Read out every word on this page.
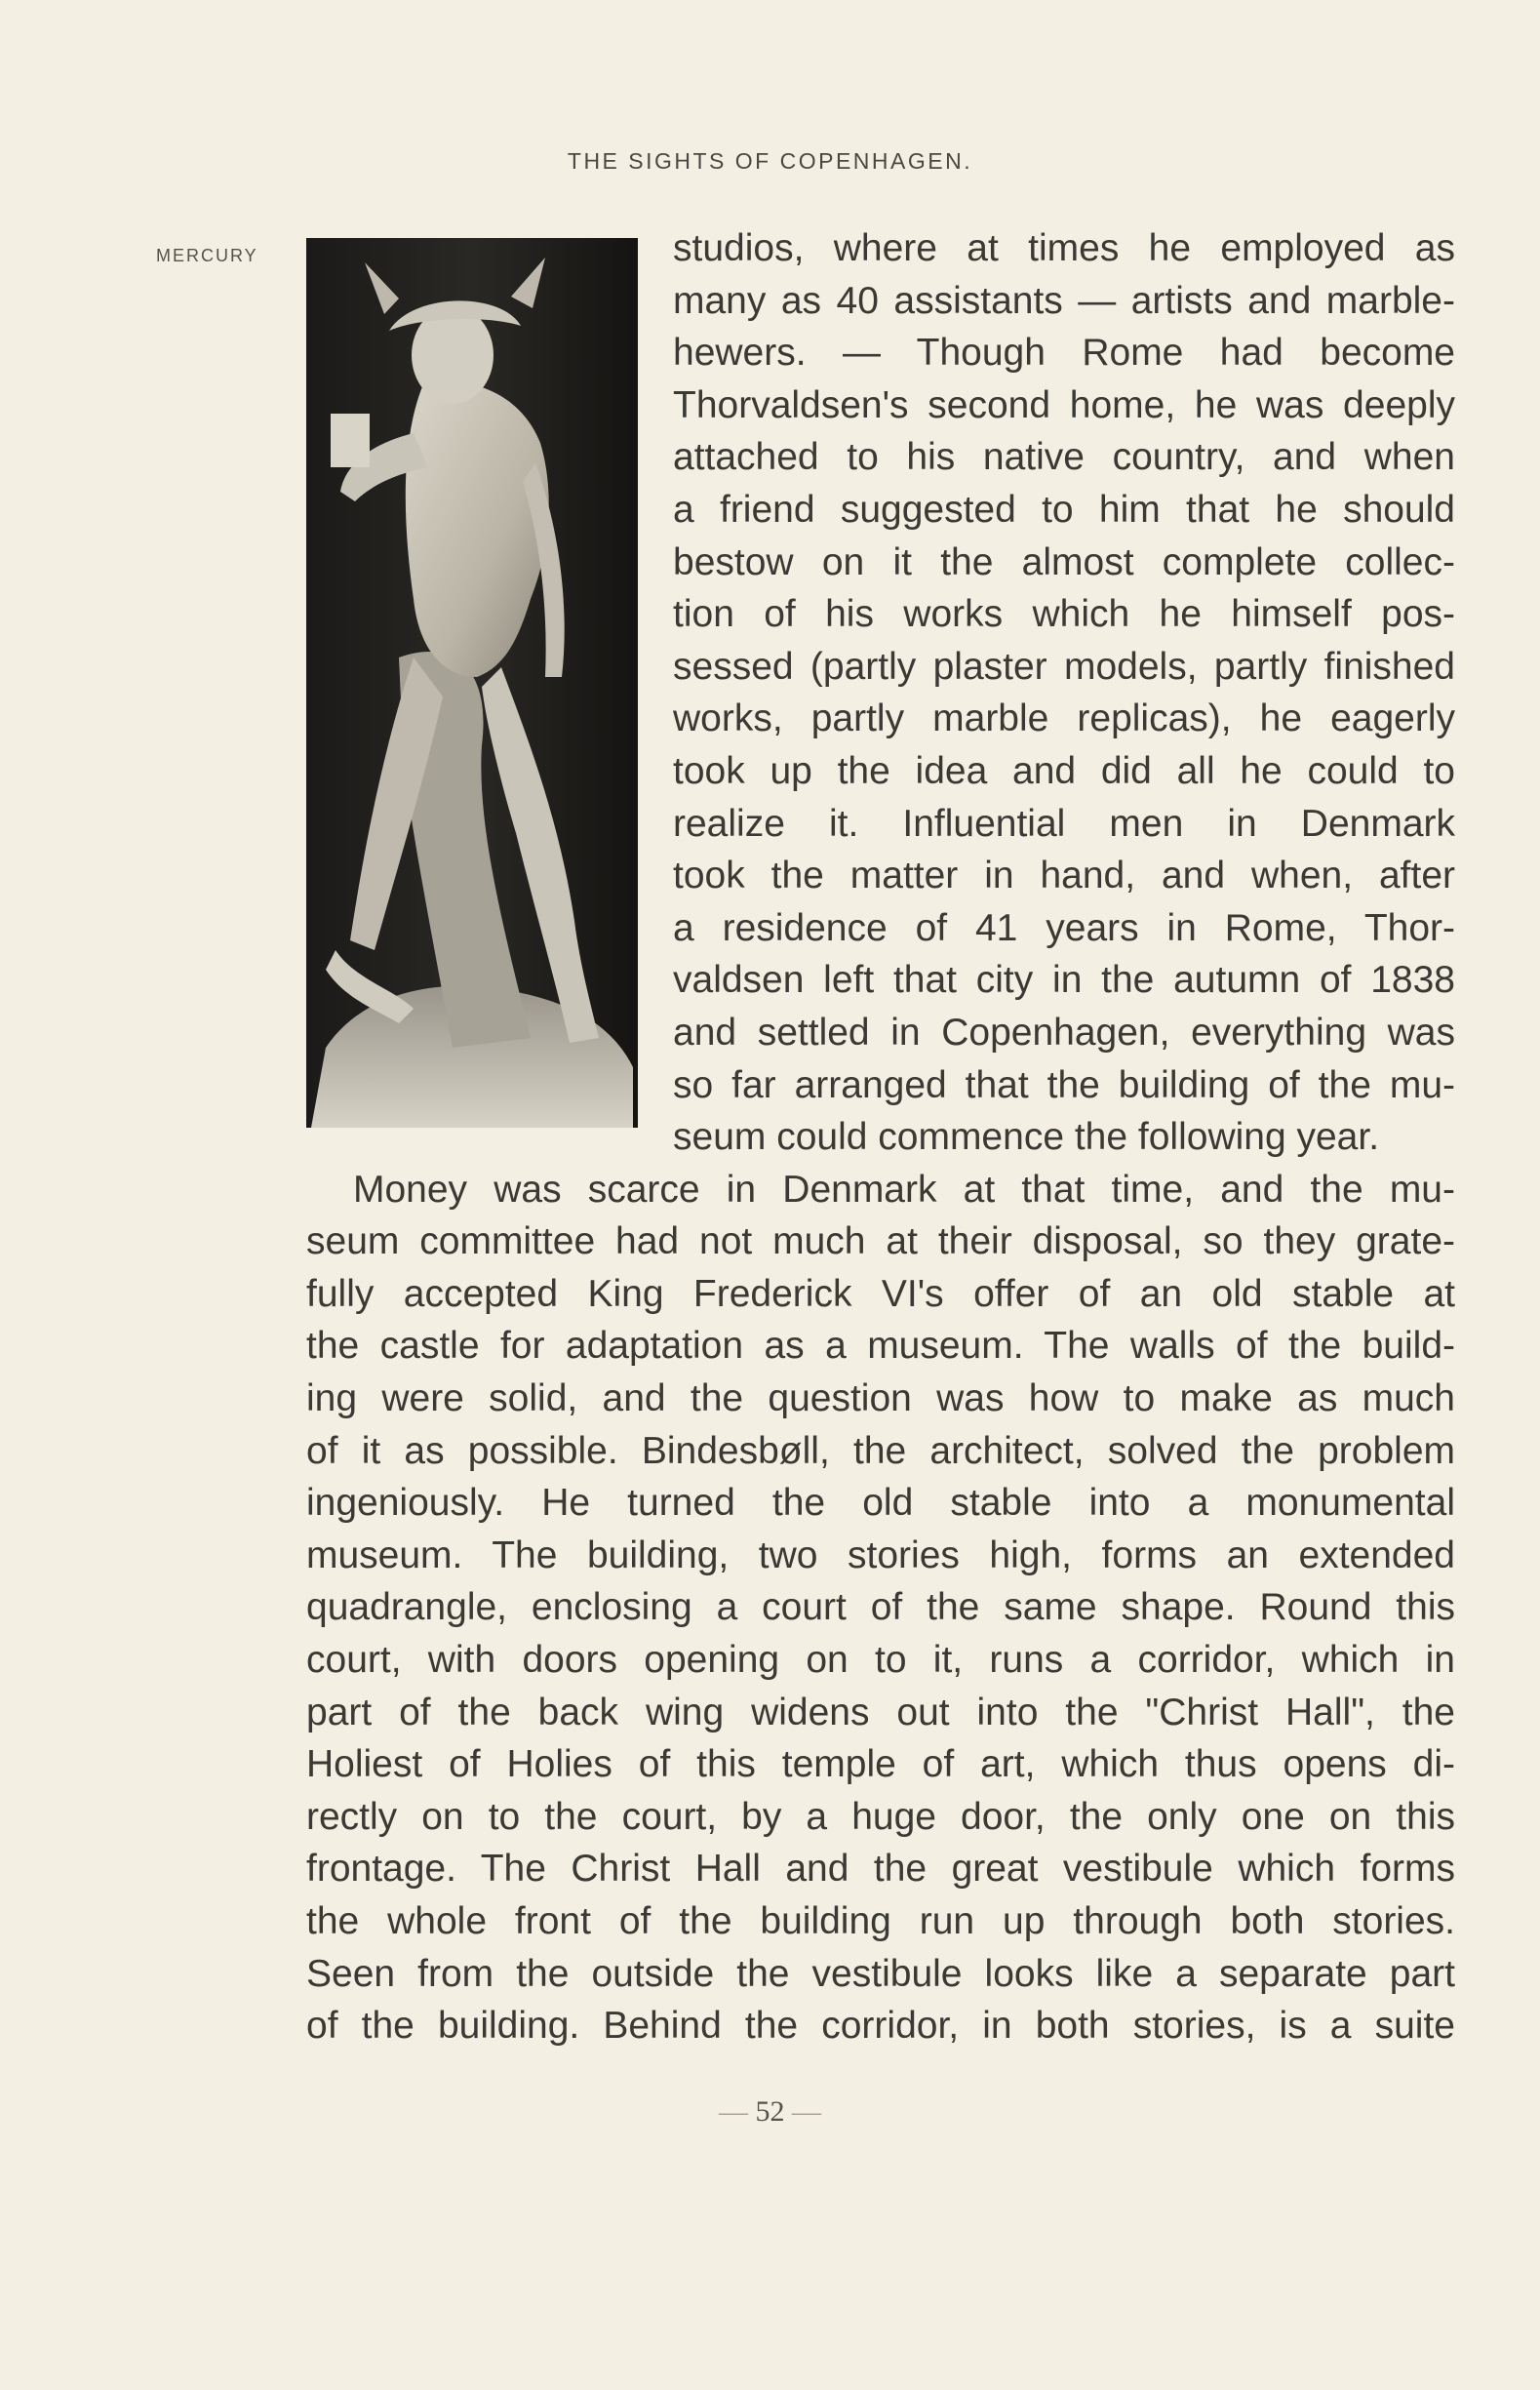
THE SIGHTS OF COPENHAGEN.
MERCURY	studios, where at times he employed as
many as 40 assistants — artists and marble-
hewers. — Though Rome had become
Thorvaldsen's second home, he was deeply
attached to his native country, and when
a friend suggested to him that he should
bestow on it the almost complete collec-
tion of his works which he himself pos-
sessed (partly plaster models, partly finished
works, partly marble replicas), he eagerly
took up the idea and did all he could to
realize it. Influential men in Denmark
took the matter in hand, and when, after
a residence of 41 years in Rome, Thor-
valdsen left that city in the autumn of 1838
and settled in Copenhagen, everything was
so far arranged that the building of the mu-
seum could commence the following year.
Money was scarce in Denmark at that time, and the mu-
seum committee had not much at their disposal, so they grate-
fully accepted King Frederick VI's offer of an old stable at
the castle for adaptation as a museum. The walls of the build-
ing were solid, and the question was how to make as much
of it as possible. Bindesbøll, the architect, solved the problem
ingeniously. He turned the old stable into a monumental
museum. The building, two stories high, forms an extended
quadrangle, enclosing a court of the same shape. Round this
court, with doors opening on to it, runs a corridor, which in
part of the back wing widens out into the "Christ Hall", the
Holiest of Holies of this temple of art, which thus opens di-
rectly on to the court, by a huge door, the only one on this
frontage. The Christ Hall and the great vestibule which forms
the whole front of the building run up through both stories.
Seen from the outside the vestibule looks like a separate part
of the building. Behind the corridor, in both stories, is a suite
— 52 —
